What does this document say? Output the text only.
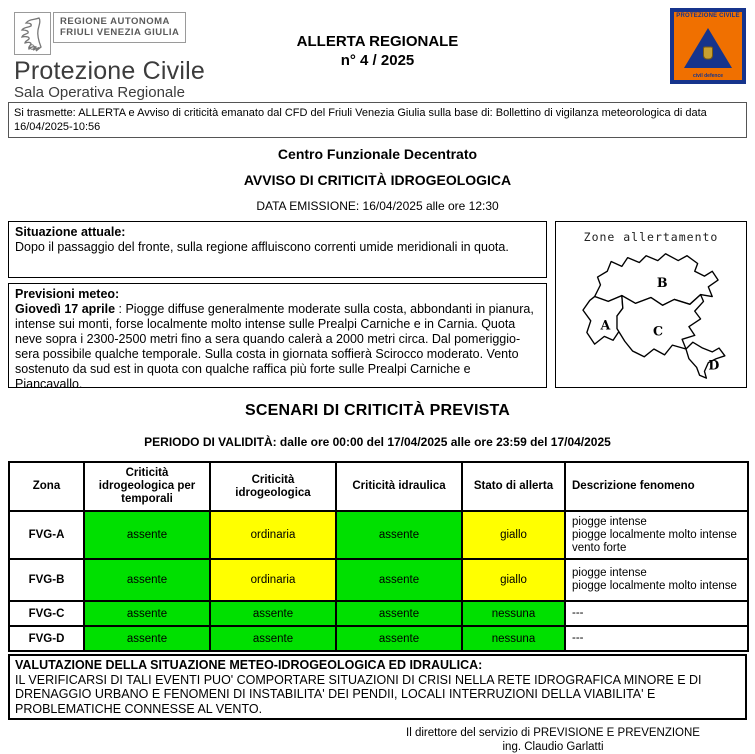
REGIONE AUTONOMA
FRIULI VENEZIA GIULIA
Protezione Civile
Sala Operativa Regionale
ALLERTA REGIONALE
n° 4 / 2025
PROTEZIONE CIVILE
civil defence
Si trasmette: ALLERTA e Avviso di criticità emanato dal CFD del Friuli Venezia Giulia sulla base di: Bollettino di vigilanza meteorologica di data 16/04/2025-10:56
Centro Funzionale Decentrato
AVVISO DI CRITICITÀ IDROGEOLOGICA
DATA EMISSIONE: 16/04/2025 alle ore 12:30
Situazione attuale:
Dopo il passaggio del fronte, sulla regione affluiscono correnti umide meridionali in quota.
Previsioni meteo:
Giovedì 17 aprile : Piogge diffuse generalmente moderate sulla costa, abbondanti in pianura, intense sui monti, forse localmente molto intense sulle Prealpi Carniche e in Carnia. Quota neve sopra i 2300-2500 metri fino a sera quando calerà a 2000 metri circa. Dal pomeriggio-sera possibile qualche temporale. Sulla costa in giornata soffierà Scirocco moderato. Vento sostenuto da sud est in quota con qualche raffica più forte sulle Prealpi Carniche e Piancavallo.
Zone allertamento
B
A	C
D
SCENARI DI CRITICITÀ PREVISTA
PERIODO DI VALIDITÀ: dalle ore 00:00 del 17/04/2025 alle ore 23:59 del 17/04/2025
Zona	Criticità idrogeologica per temporali	Criticità idrogeologica	Criticità idraulica	Stato di allerta	Descrizione fenomeno
FVG-A	assente	ordinaria	assente	giallo	piogge intense
piogge localmente molto intense
vento forte

FVG-B	assente	ordinaria	assente	giallo	piogge intense
piogge localmente molto intense

FVG-C	assente	assente	assente	nessuna	---

FVG-D	assente	assente	assente	nessuna	---
VALUTAZIONE DELLA SITUAZIONE METEO-IDROGEOLOGICA ED IDRAULICA:
IL VERIFICARSI DI TALI EVENTI PUO' COMPORTARE SITUAZIONI DI CRISI NELLA RETE IDROGRAFICA MINORE E DI DRENAGGIO URBANO E FENOMENI DI INSTABILITA' DEI PENDII, LOCALI INTERRUZIONI DELLA VIABILITA' E PROBLEMATICHE CONNESSE AL VENTO.
Il direttore del servizio di PREVISIONE E PREVENZIONE
ing. Claudio Garlatti
